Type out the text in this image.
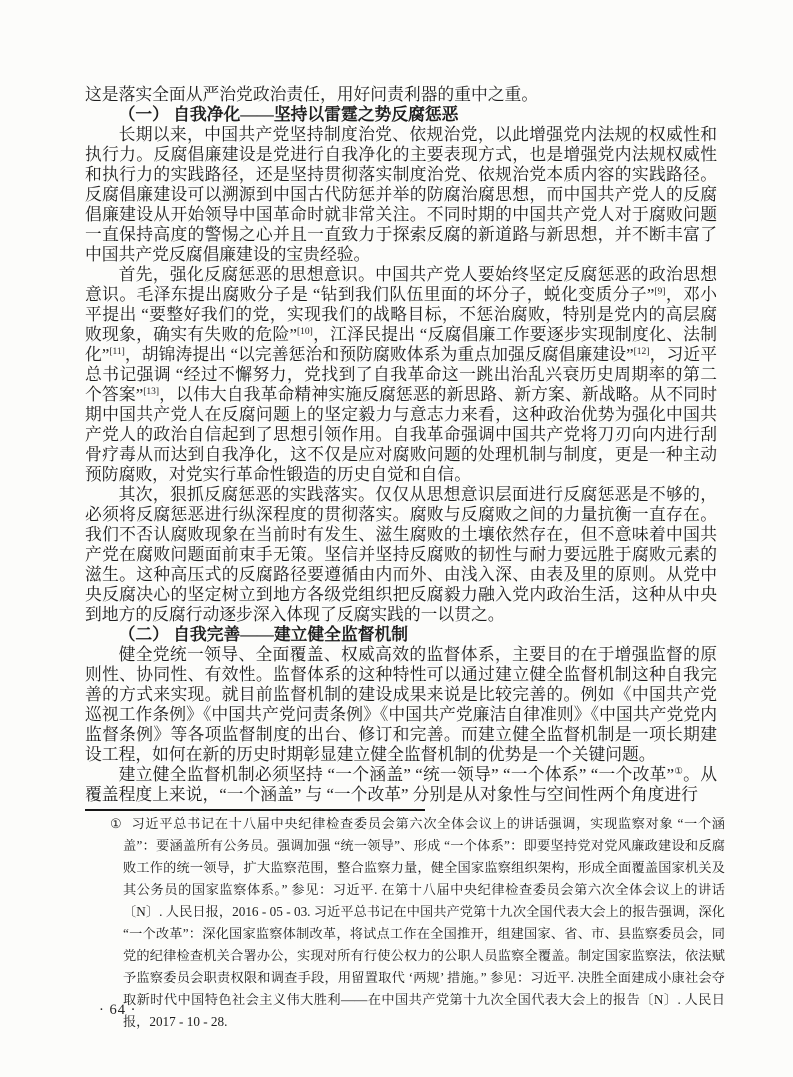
这是落实全面从严治党政治责任，用好问责利器的重中之重。

（一） 自我净化——坚持以雷霆之势反腐惩恶

长期以来，中国共产党坚持制度治党、依规治党，以此增强党内法规的权威性和执行力。反腐倡廉建设是党进行自我净化的主要表现方式，也是增强党内法规权威性和执行力的实践路径，还是坚持贯彻落实制度治党、依规治党本质内容的实践路径。反腐倡廉建设可以溯源到中国古代防惩并举的防腐治腐思想，而中国共产党人的反腐倡廉建设从开始领导中国革命时就非常关注。不同时期的中国共产党人对于腐败问题一直保持高度的警惕之心并且一直致力于探索反腐的新道路与新思想，并不断丰富了中国共产党反腐倡廉建设的宝贵经验。

首先，强化反腐惩恶的思想意识。中国共产党人要始终坚定反腐惩恶的政治思想意识。毛泽东提出腐败分子是 “钻到我们队伍里面的坏分子，蜕化变质分子”[9]，邓小平提出 “要整好我们的党，实现我们的战略目标，不惩治腐败，特别是党内的高层腐败现象，确实有失败的危险”[10]，江泽民提出 “反腐倡廉工作要逐步实现制度化、法制化”[11]，胡锦涛提出 “以完善惩治和预防腐败体系为重点加强反腐倡廉建设”[12]，习近平总书记强调 “经过不懈努力，党找到了自我革命这一跳出治乱兴衰历史周期率的第二个答案”[13]，以伟大自我革命精神实施反腐惩恶的新思路、新方案、新战略。从不同时期中国共产党人在反腐问题上的坚定毅力与意志力来看，这种政治优势为强化中国共产党人的政治自信起到了思想引领作用。自我革命强调中国共产党将刀刃向内进行刮骨疗毒从而达到自我净化，这不仅是应对腐败问题的处理机制与制度，更是一种主动预防腐败，对党实行革命性锻造的历史自觉和自信。

其次，狠抓反腐惩恶的实践落实。仅仅从思想意识层面进行反腐惩恶是不够的，必须将反腐惩恶进行纵深程度的贯彻落实。腐败与反腐败之间的力量抗衡一直存在。我们不否认腐败现象在当前时有发生、滋生腐败的土壤依然存在，但不意味着中国共产党在腐败问题面前束手无策。坚信并坚持反腐败的韧性与耐力要远胜于腐败元素的滋生。这种高压式的反腐路径要遵循由内而外、由浅入深、由表及里的原则。从党中央反腐决心的坚定树立到地方各级党组织把反腐毅力融入党内政治生活，这种从中央到地方的反腐行动逐步深入体现了反腐实践的一以贯之。

（二） 自我完善——建立健全监督机制

健全党统一领导、全面覆盖、权威高效的监督体系，主要目的在于增强监督的原则性、协同性、有效性。监督体系的这种特性可以通过建立健全监督机制这种自我完善的方式来实现。就目前监督机制的建设成果来说是比较完善的。例如《中国共产党巡视工作条例》《中国共产党问责条例》《中国共产党廉洁自律准则》《中国共产党党内监督条例》等各项监督制度的出台、修订和完善。而建立健全监督机制是一项长期建设工程，如何在新的历史时期彰显建立健全监督机制的优势是一个关键问题。

建立健全监督机制必须坚持 “一个涵盖” “统一领导” “一个体系” “一个改革”①。从覆盖程度上来说，“一个涵盖” 与 “一个改革” 分别是从对象性与空间性两个角度进行

① 习近平总书记在十八届中央纪律检查委员会第六次全体会议上的讲话强调，实现监察对象 “一个涵盖”：要涵盖所有公务员。强调加强 “统一领导”、形成 “一个体系”：即要坚持党对党风廉政建设和反腐败工作的统一领导，扩大监察范围，整合监察力量，健全国家监察组织架构，形成全面覆盖国家机关及其公务员的国家监察体系。” 参见：习近平. 在第十八届中央纪律检查委员会第六次全体会议上的讲话〔N〕. 人民日报，2016 - 05 - 03. 习近平总书记在中国共产党第十九次全国代表大会上的报告强调，深化 “一个改革”：深化国家监察体制改革，将试点工作在全国推开，组建国家、省、市、县监察委员会，同党的纪律检查机关合署办公，实现对所有行使公权力的公职人员监察全覆盖。制定国家监察法，依法赋予监察委员会职责权限和调查手段，用留置取代 ‘两规’ 措施。” 参见：习近平. 决胜全面建成小康社会夺取新时代中国特色社会主义伟大胜利——在中国共产党第十九次全国代表大会上的报告〔N〕. 人民日报，2017 - 10 - 28.

· 64 ·
